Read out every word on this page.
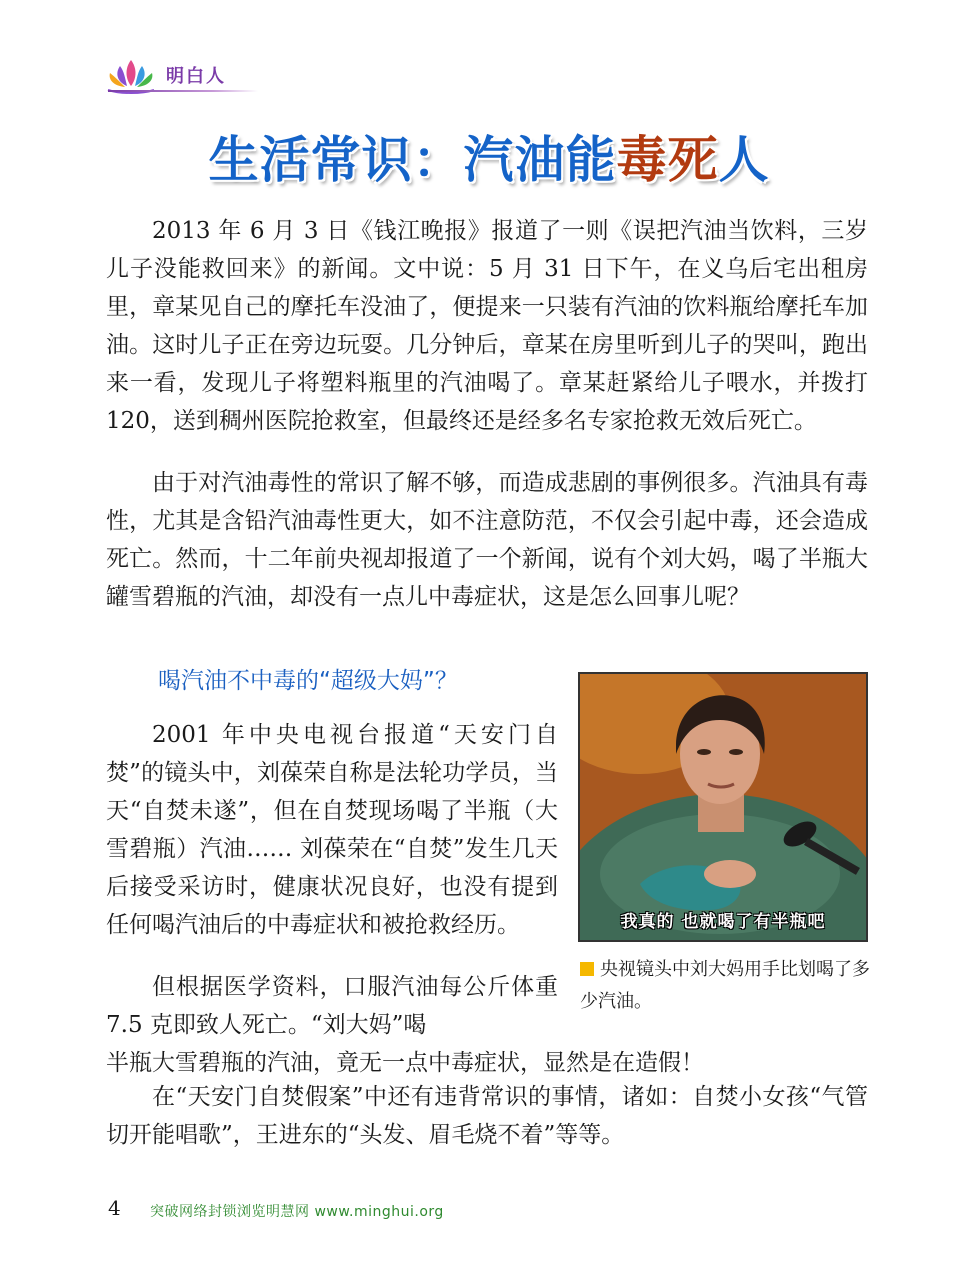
明白人
生活常识：汽油能毒死人

2013 年 6 月 3 日《钱江晚报》报道了一则《误把汽油当饮料，三岁儿子没能救回来》的新闻。文中说：5 月 31 日下午，在义乌后宅出租房里，章某见自己的摩托车没油了，便提来一只装有汽油的饮料瓶给摩托车加油。这时儿子正在旁边玩耍。几分钟后，章某在房里听到儿子的哭叫，跑出来一看，发现儿子将塑料瓶里的汽油喝了。章某赶紧给儿子喂水，并拨打 120，送到稠州医院抢救室，但最终还是经多名专家抢救无效后死亡。

由于对汽油毒性的常识了解不够，而造成悲剧的事例很多。汽油具有毒性，尤其是含铅汽油毒性更大，如不注意防范，不仅会引起中毒，还会造成死亡。然而，十二年前央视却报道了一个新闻，说有个刘大妈，喝了半瓶大罐雪碧瓶的汽油，却没有一点儿中毒症状，这是怎么回事儿呢？

喝汽油不中毒的“超级大妈”？

2001 年中央电视台报道“天安门自焚”的镜头中，刘葆荣自称是法轮功学员，当天“自焚未遂”，但在自焚现场喝了半瓶（大雪碧瓶）汽油…… 刘葆荣在“自焚”发生几天后接受采访时，健康状况良好，也没有提到任何喝汽油后的中毒症状和被抢救经历。

但根据医学资料，口服汽油每公斤体重 7.5 克即致人死亡。“刘大妈”喝

半瓶大雪碧瓶的汽油，竟无一点中毒症状，显然是在造假！

在“天安门自焚假案”中还有违背常识的事情，诸如：自焚小女孩“气管切开能唱歌”，王进东的“头发、眉毛烧不着”等等。

我真的 也就喝了有半瓶吧
央视镜头中刘大妈用手比划喝了多少汽油。
4 突破网络封锁浏览明慧网 www.minghui.org
